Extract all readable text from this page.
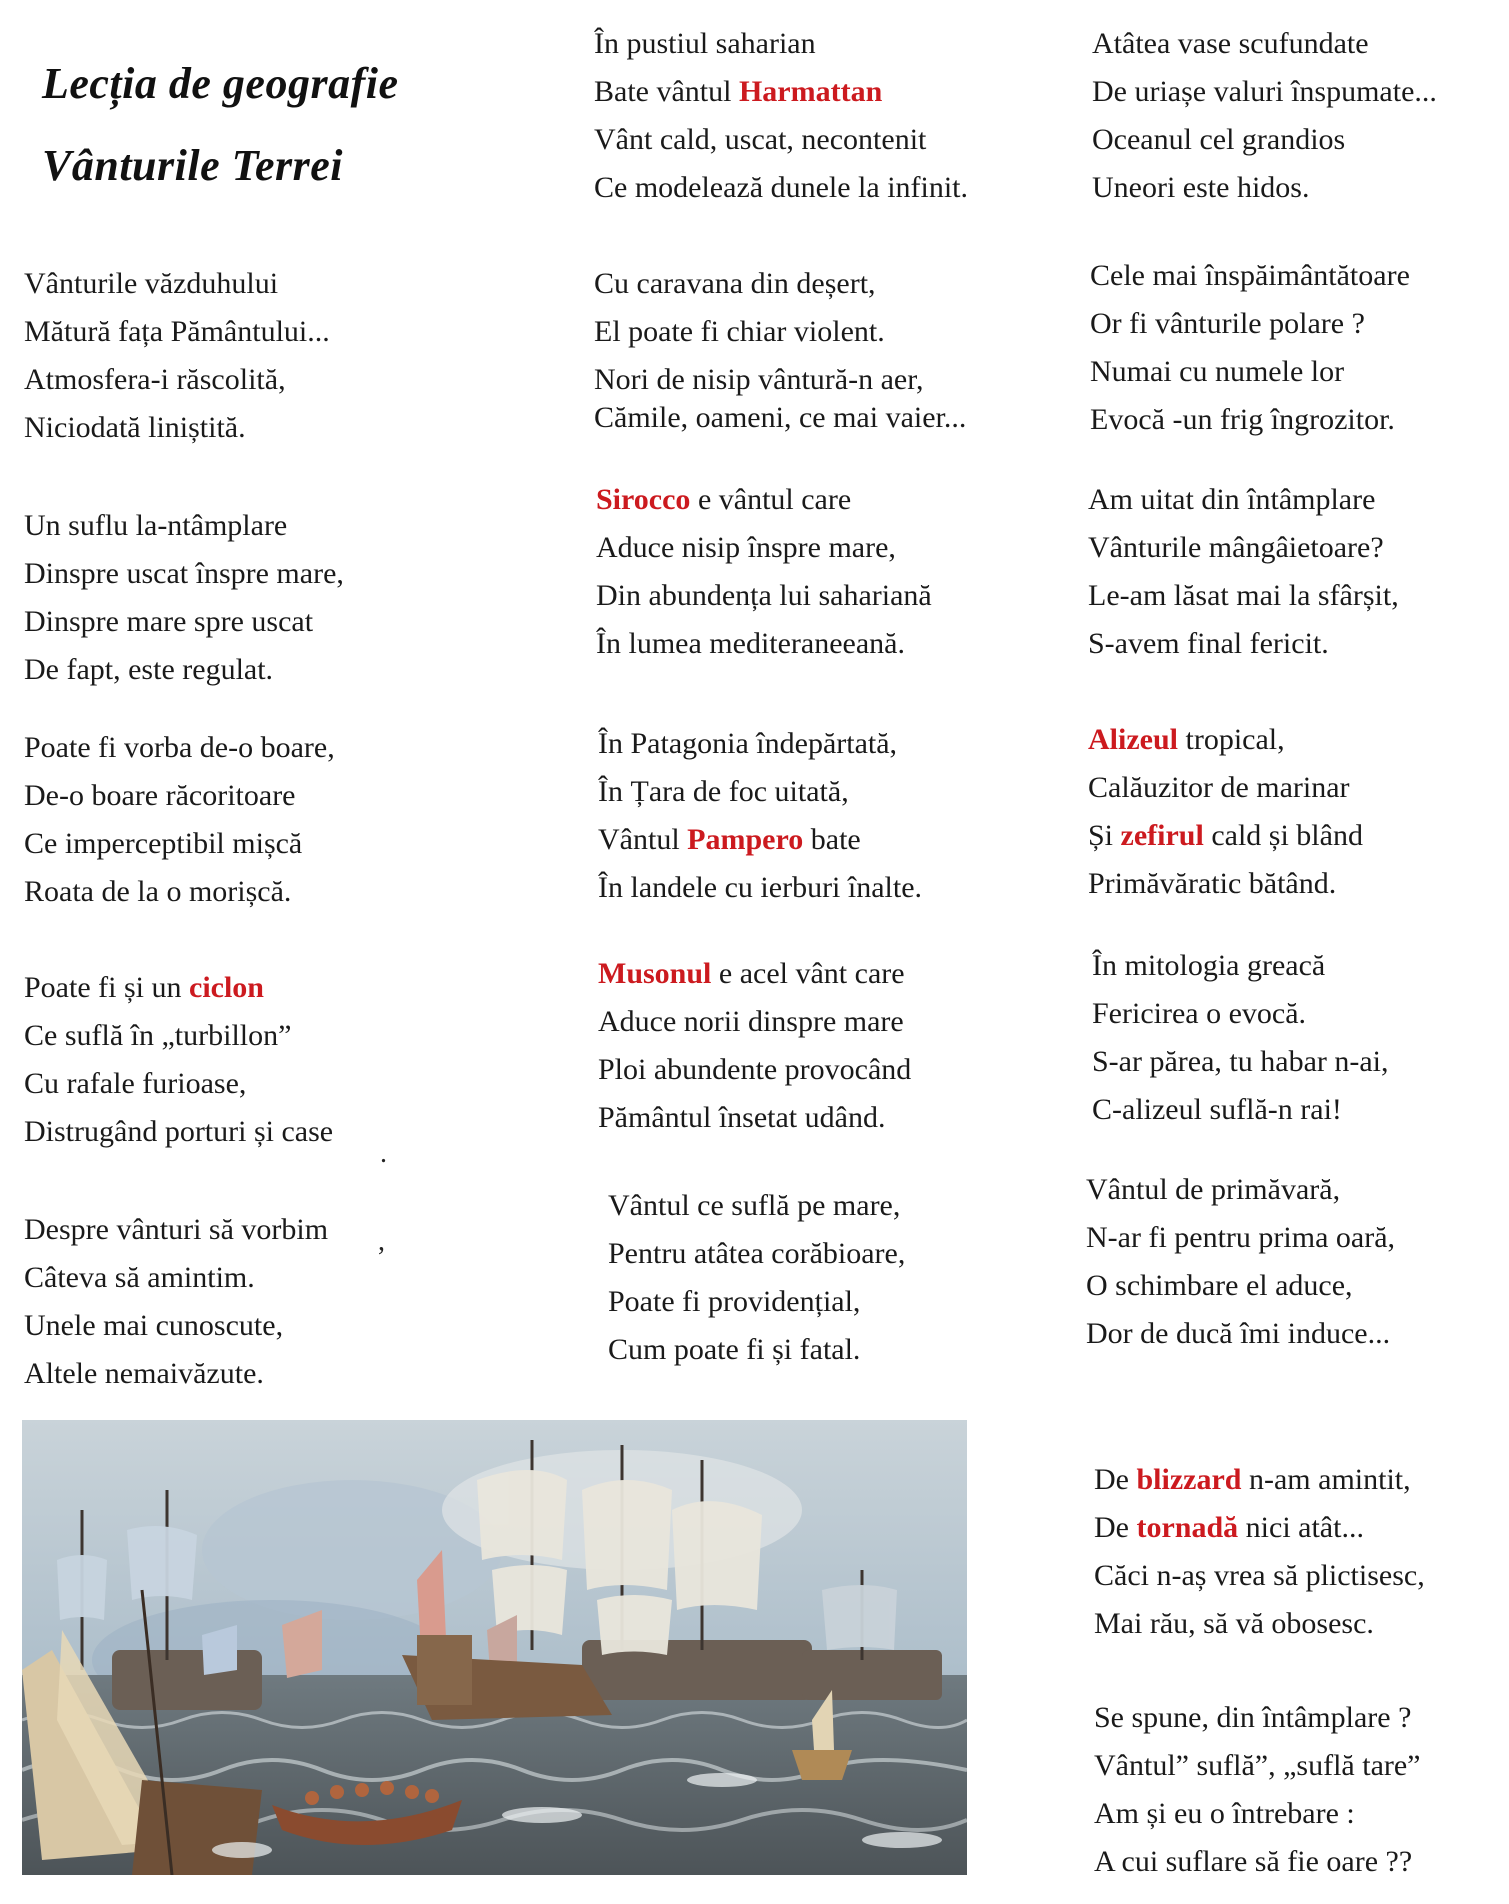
Lecția de geografie
Vânturile Terrei
Vânturile văzduhului
Mătură fața Pământului...
Atmosfera-i răscolită,
Niciodată liniștită.
Un suflu la-ntâmplare
Dinspre uscat înspre mare,
Dinspre mare spre uscat
De fapt, este regulat.
Poate fi vorba de-o boare,
De-o boare răcoritoare
Ce imperceptibil mișcă
Roata de la o morișcă.
Poate fi și un ciclon
Ce suflă în „turbillon”
Cu rafale furioase,
Distrugând porturi și case
.
Despre vânturi să vorbim
Câteva să amintim.
Unele mai cunoscute,
Altele nemaivăzute.
,
În pustiul saharian
Bate vântul Harmattan
Vânt cald, uscat, necontenit
Ce modelează dunele la infinit.
Cu caravana din deșert,
El poate fi chiar violent.
Nori de nisip vântură-n aer,
Cămile, oameni, ce mai vaier...
Sirocco e vântul care
Aduce nisip înspre mare,
Din abundența lui sahariană
În lumea mediteraneeană.
În Patagonia îndepărtată,
În Țara de foc uitată,
Vântul Pampero bate
În landele cu ierburi înalte.
Musonul e acel vânt care
Aduce norii dinspre mare
Ploi abundente provocând
Pământul însetat udând.
Vântul ce suflă pe mare,
Pentru atâtea corăbioare,
Poate fi providențial,
Cum poate fi și fatal.
Atâtea vase scufundate
De uriașe valuri înspumate...
Oceanul cel grandios
Uneori este hidos.
Cele mai înspăimântătoare
Or fi vânturile polare ?
Numai cu numele lor
Evocă -un frig îngrozitor.
Am uitat din întâmplare
Vânturile mângâietoare?
Le-am lăsat mai la sfârșit,
S-avem final fericit.
Alizeul tropical,
Calăuzitor de marinar
Și zefirul cald și blând
Primăvăratic bătând.
În mitologia greacă
Fericirea o evocă.
S-ar părea, tu habar n-ai,
C-alizeul suflă-n rai!
Vântul de primăvară,
N-ar fi pentru prima oară,
O schimbare el aduce,
Dor de ducă îmi induce...
De blizzard n-am amintit,
De tornadă nici atât...
Căci n-aș vrea să plictisesc,
Mai rău, să vă obosesc.
Se spune, din întâmplare ?
Vântul” suflă”, „suflă tare”
Am și eu o întrebare :
A cui suflare să fie oare ??
